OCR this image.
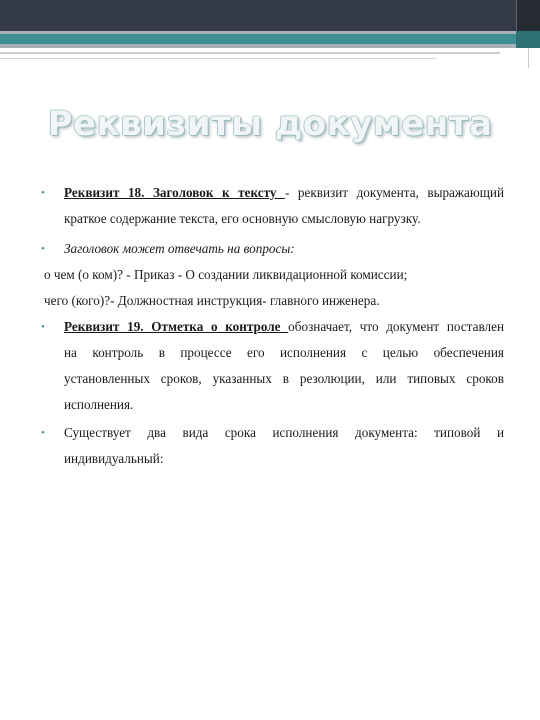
Реквизиты документа

• Реквизит 18. Заголовок к тексту - реквизит документа, выражающий
краткое содержание текста, его основную смысловую нагрузку.

• Заголовок может отвечать на вопросы:

о чем (о ком)? - Приказ - О создании ликвидационной комиссии;

чего (кого)?- Должностная инструкция- главного инженера.

• Реквизит 19. Отметка о контроле обозначает, что документ поставлен
на контроль в процессе его исполнения с целью обеспечения
установленных сроков, указанных в резолюции, или типовых сроков
исполнения.

• Существует два вида срока исполнения документа: типовой и
индивидуальный:
